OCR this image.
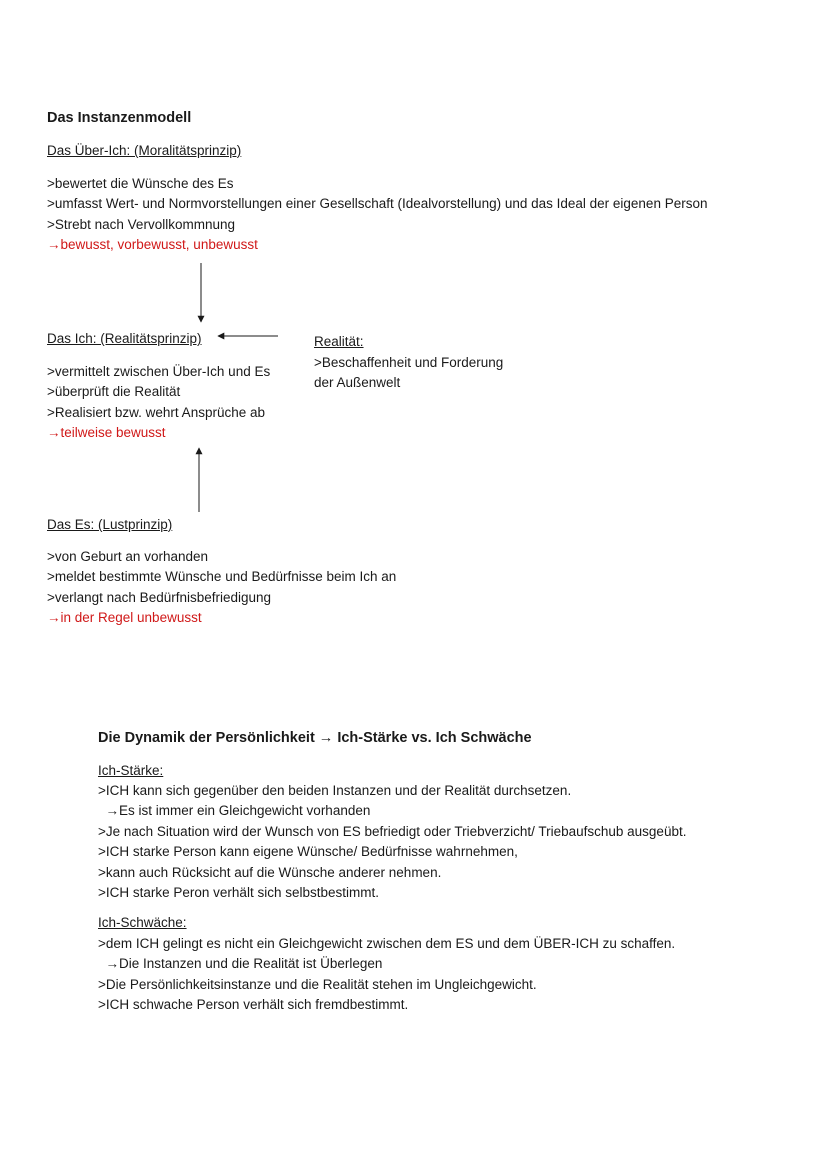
Das Instanzenmodell
Das Über-Ich: (Moralitätsprinzip)
>bewertet die Wünsche des Es
>umfasst Wert- und Normvorstellungen einer Gesellschaft (Idealvorstellung) und das Ideal der eigenen Person
>Strebt nach Vervollkommnung
→bewusst, vorbewusst, unbewusst
Das Ich: (Realitätsprinzip)
>vermittelt zwischen Über-Ich und Es
>überprüft die Realität
>Realisiert bzw. wehrt Ansprüche ab
→teilweise bewusst
Realität:
>Beschaffenheit und Forderung
der Außenwelt
Das Es: (Lustprinzip)
>von Geburt an vorhanden
>meldet bestimmte Wünsche und Bedürfnisse beim Ich an
>verlangt nach Bedürfnisbefriedigung
→in der Regel unbewusst
Die Dynamik der Persönlichkeit → Ich-Stärke vs. Ich Schwäche
Ich-Stärke:
>ICH kann sich gegenüber den beiden Instanzen und der Realität durchsetzen.
→Es ist immer ein Gleichgewicht vorhanden
>Je nach Situation wird der Wunsch von ES befriedigt oder Triebverzicht/ Triebaufschub ausgeübt.
>ICH starke Person kann eigene Wünsche/ Bedürfnisse wahrnehmen,
>kann auch Rücksicht auf die Wünsche anderer nehmen.
>ICH starke Peron verhält sich selbstbestimmt.
Ich-Schwäche:
>dem ICH gelingt es nicht ein Gleichgewicht zwischen dem ES und dem ÜBER-ICH zu schaffen.
→Die Instanzen und die Realität ist Überlegen
>Die Persönlichkeitsinstanze und die Realität stehen im Ungleichgewicht.
>ICH schwache Person verhält sich fremdbestimmt.
